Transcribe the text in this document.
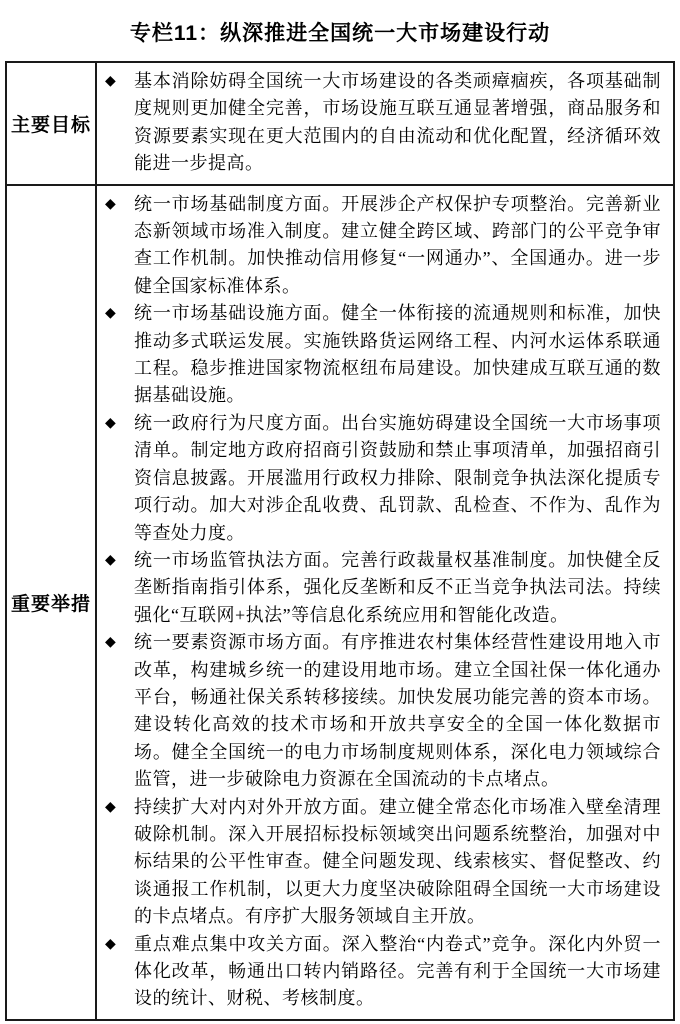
专栏11：纵深推进全国统一大市场建设行动
主要目标
◆	基本消除妨碍全国统一大市场建设的各类顽瘴痼疾，各项基础制度规则更加健全完善，市场设施互联互通显著增强，商品服务和资源要素实现在更大范围内的自由流动和优化配置，经济循环效能进一步提高。
重要举措
◆	统一市场基础制度方面。开展涉企产权保护专项整治。完善新业态新领域市场准入制度。建立健全跨区域、跨部门的公平竞争审查工作机制。加快推动信用修复“一网通办”、全国通办。进一步健全国家标准体系。
◆	统一市场基础设施方面。健全一体衔接的流通规则和标准，加快推动多式联运发展。实施铁路货运网络工程、内河水运体系联通工程。稳步推进国家物流枢纽布局建设。加快建成互联互通的数据基础设施。
◆	统一政府行为尺度方面。出台实施妨碍建设全国统一大市场事项清单。制定地方政府招商引资鼓励和禁止事项清单，加强招商引资信息披露。开展滥用行政权力排除、限制竞争执法深化提质专项行动。加大对涉企乱收费、乱罚款、乱检查、不作为、乱作为等查处力度。
◆	统一市场监管执法方面。完善行政裁量权基准制度。加快健全反垄断指南指引体系，强化反垄断和反不正当竞争执法司法。持续强化“互联网+执法”等信息化系统应用和智能化改造。
◆	统一要素资源市场方面。有序推进农村集体经营性建设用地入市改革，构建城乡统一的建设用地市场。建立全国社保一体化通办平台，畅通社保关系转移接续。加快发展功能完善的资本市场。建设转化高效的技术市场和开放共享安全的全国一体化数据市场。健全全国统一的电力市场制度规则体系，深化电力领域综合监管，进一步破除电力资源在全国流动的卡点堵点。
◆	持续扩大对内对外开放方面。建立健全常态化市场准入壁垒清理破除机制。深入开展招标投标领域突出问题系统整治，加强对中标结果的公平性审查。健全问题发现、线索核实、督促整改、约谈通报工作机制，以更大力度坚决破除阻碍全国统一大市场建设的卡点堵点。有序扩大服务领域自主开放。
◆	重点难点集中攻关方面。深入整治“内卷式”竞争。深化内外贸一体化改革，畅通出口转内销路径。完善有利于全国统一大市场建设的统计、财税、考核制度。
